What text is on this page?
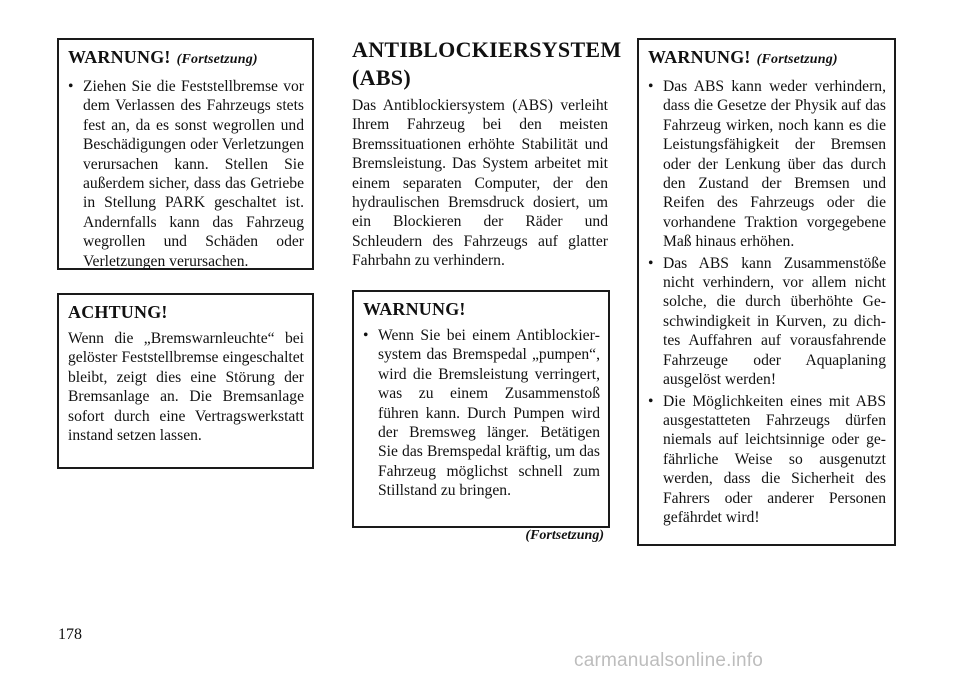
WARNUNG! (Fortsetzung)
• Ziehen Sie die Feststellbremse vor dem Verlassen des Fahrzeugs stets fest an, da es sonst wegrollen und Beschädigungen oder Verletzungen verursachen kann. Stellen Sie außerdem sicher, dass das Getriebe in Stellung PARK geschaltet ist. Andernfalls kann das Fahrzeug wegrollen und Schäden oder Verletzungen verursachen.
ACHTUNG!

Wenn die „Bremswarnleuchte“ bei gelöster Feststellbremse eingeschaltet bleibt, zeigt dies eine Störung der Bremsanlage an. Die Bremsanlage sofort durch eine Vertragswerkstatt instand setzen lassen.

ANTIBLOCKIERSYSTEM (ABS)

Das Antiblockiersystem (ABS) verleiht Ihrem Fahrzeug bei den meisten Bremssituationen erhöhte Stabilität und Bremsleistung. Das System arbeitet mit einem separaten Computer, der den hydraulischen Bremsdruck dosiert, um ein Blockieren der Räder und Schleudern des Fahrzeugs auf glatter Fahrbahn zu verhindern.

WARNUNG!
• Wenn Sie bei einem Antiblockiersystem das Bremspedal „pumpen“, wird die Bremsleistung verringert, was zu einem Zusammenstoß führen kann. Durch Pumpen wird der Bremsweg länger. Betätigen Sie das Bremspedal kräftig, um das Fahrzeug möglichst schnell zum Stillstand zu bringen.
(Fortsetzung)
WARNUNG! (Fortsetzung)
• Das ABS kann weder verhindern, dass die Gesetze der Physik auf das Fahrzeug wirken, noch kann es die Leistungsfähigkeit der Bremsen oder der Lenkung über das durch den Zustand der Bremsen und Reifen des Fahrzeugs oder die vorhandene Traktion vorgegebene Maß hinaus erhöhen.
• Das ABS kann Zusammenstöße nicht verhindern, vor allem nicht solche, die durch überhöhte Geschwindigkeit in Kurven, zu dichtes Auffahren auf vorausfahrende Fahrzeuge oder Aquaplaning ausgelöst werden!
• Die Möglichkeiten eines mit ABS ausgestatteten Fahrzeugs dürfen niemals auf leichtsinnige oder gefährliche Weise so ausgenutzt werden, dass die Sicherheit des Fahrers oder anderer Personen gefährdet wird!
178
carmanualsonline.info
